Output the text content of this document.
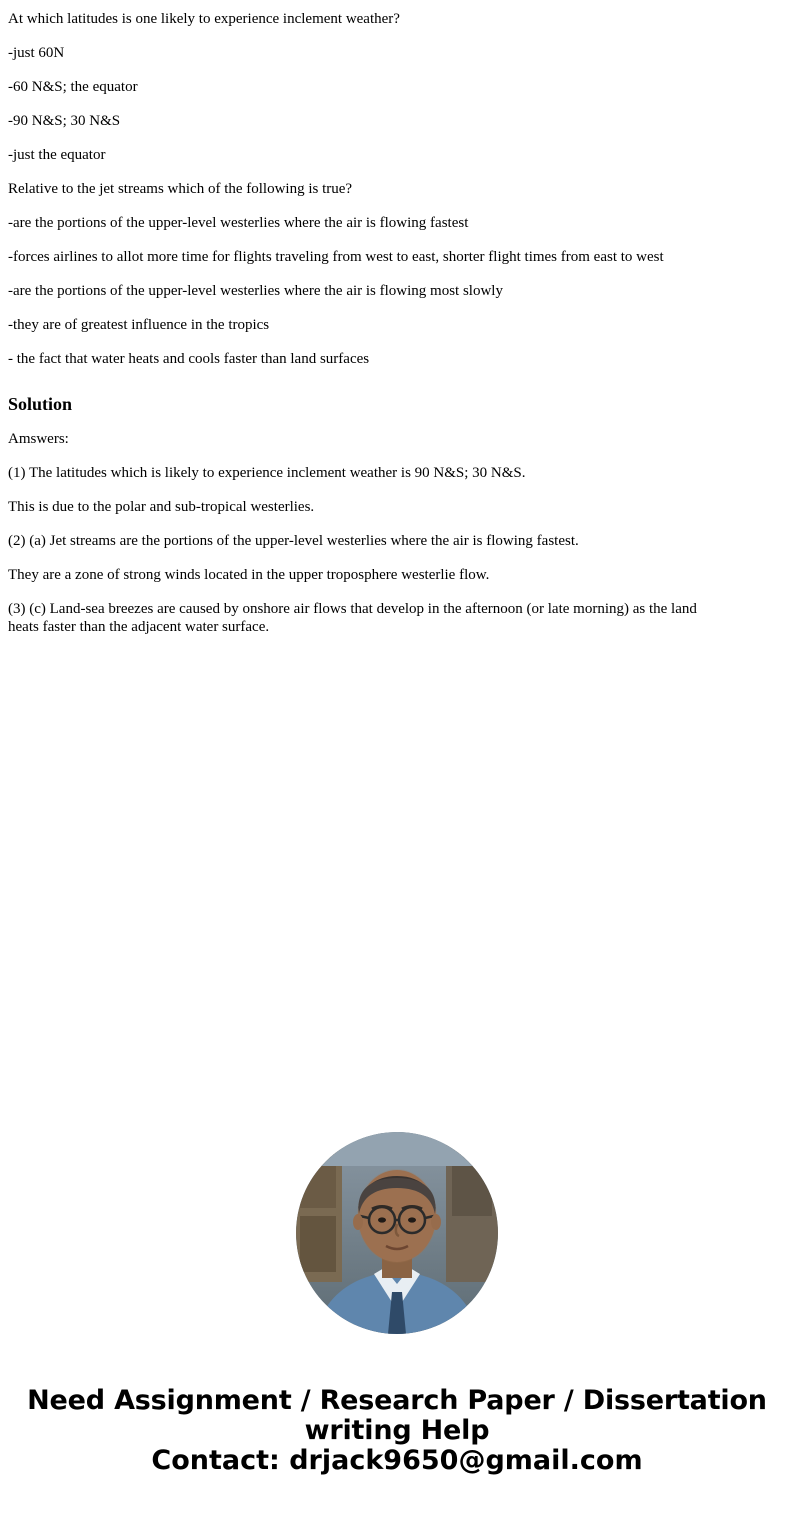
At which latitudes is one likely to experience inclement weather?

-just 60N

-60 N&S; the equator

-90 N&S; 30 N&S

-just the equator

Relative to the jet streams which of the following is true?

-are the portions of the upper-level westerlies where the air is flowing fastest

-forces airlines to allot more time for flights traveling from west to east, shorter flight times from east to west

-are the portions of the upper-level westerlies where the air is flowing most slowly

-they are of greatest influence in the tropics

- the fact that water heats and cools faster than land surfaces

Solution

Amswers:

(1) The latitudes which is likely to experience inclement weather is 90 N&S; 30 N&S.

This is due to the polar and sub-tropical westerlies.

(2) (a) Jet streams are the portions of the upper-level westerlies where the air is flowing fastest.

They are a zone of strong winds located in the upper troposphere westerlie flow.

(3) (c) Land-sea breezes are caused by onshore air flows that develop in the afternoon (or late morning) as the land heats faster than the adjacent water surface.

Need Assignment / Research Paper / Dissertation
writing Help
Contact: drjack9650@gmail.com
